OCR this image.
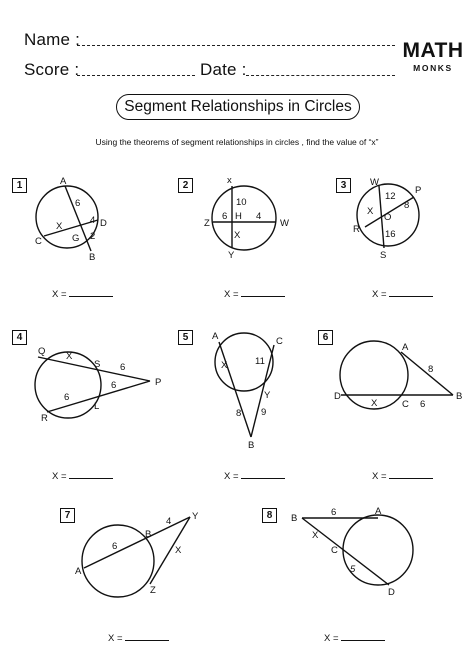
Name :
Score :	Date :
MATH
MONKS
Segment Relationships in Circles
Using the theorems of segment relationships in circles , find the value of “x”
1	2	3
4	5	6
7	8
X =	X =	X =
X =	X =	X =
X =	X =
A
D
C
B
G
6
4
2
X
x
Z	W
Y
H
10
6	4
X
W
P
R
S
O
12
8
16
X
Q
S
P
L
R
X
6
6
6
A	C
Y
B
X	11
8 9
A
D
C
B
X
8
6
A
B
Y
Z
6
4
X
B
A
C
D
6
X
5
